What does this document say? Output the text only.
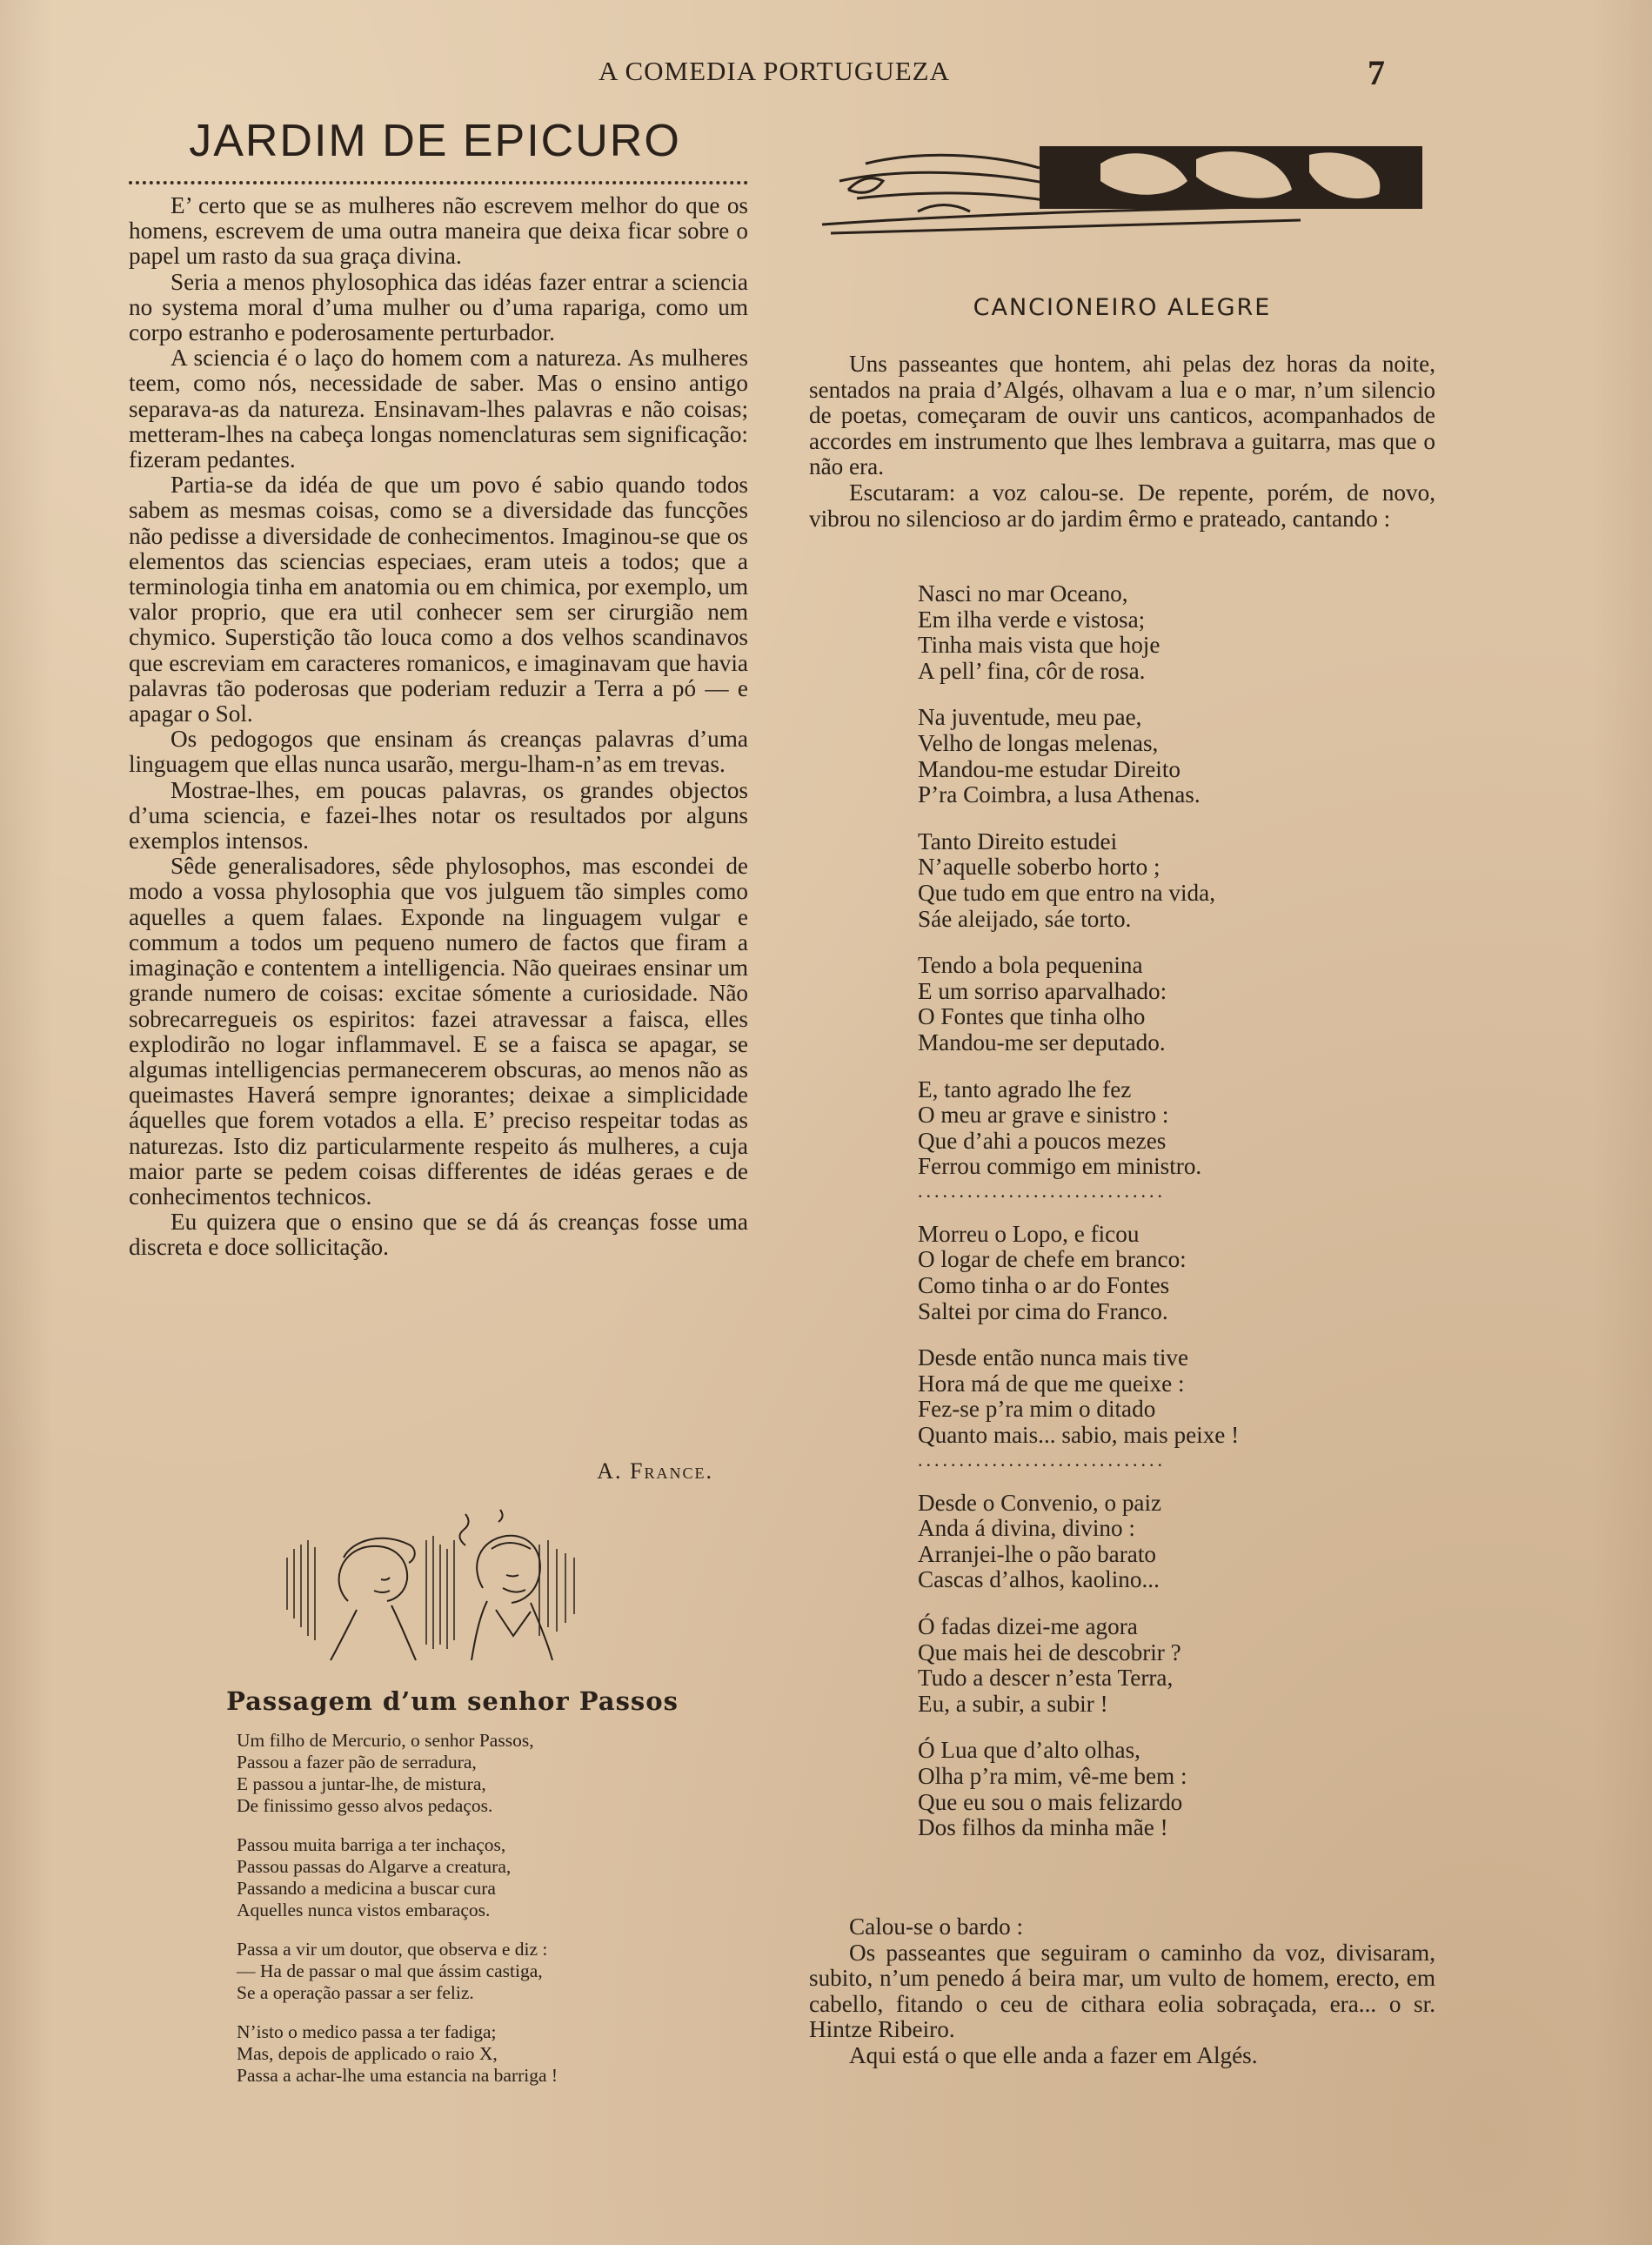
A COMEDIA PORTUGUEZA	7
JARDIM DE EPICURO

E’ certo que se as mulheres não escrevem melhor do que os homens, escrevem de uma outra maneira que deixa ficar sobre o papel um rasto da sua graça divina.

Seria a menos phylosophica das idéas fazer entrar a sciencia no systema moral d’uma mulher ou d’uma rapariga, como um corpo estranho e poderosamente perturbador.

A sciencia é o laço do homem com a natureza. As mulheres teem, como nós, necessidade de saber. Mas o ensino antigo separava-as da natureza. Ensinavam-lhes palavras e não coisas; metteram-lhes na cabeça longas nomenclaturas sem significação: fizeram pedantes.

Partia-se da idéa de que um povo é sabio quando todos sabem as mesmas coisas, como se a diversidade das funcções não pedisse a diversidade de conhecimentos. Imaginou-se que os elementos das sciencias especiaes, eram uteis a todos; que a terminologia tinha em anatomia ou em chimica, por exemplo, um valor proprio, que era util conhecer sem ser cirurgião nem chymico. Superstição tão louca como a dos velhos scandinavos que escreviam em caracteres romanicos, e imaginavam que havia palavras tão poderosas que poderiam reduzir a Terra a pó — e apagar o Sol.

Os pedogogos que ensinam ás creanças palavras d’uma linguagem que ellas nunca usarão, mergu-lham-n’as em trevas.

Mostrae-lhes, em poucas palavras, os grandes objectos d’uma sciencia, e fazei-lhes notar os resultados por alguns exemplos intensos.

Sêde generalisadores, sêde phylosophos, mas escondei de modo a vossa phylosophia que vos julguem tão simples como aquelles a quem falaes. Exponde na linguagem vulgar e commum a todos um pequeno numero de factos que firam a imaginação e contentem a intelligencia. Não queiraes ensinar um grande numero de coisas: excitae sómente a curiosidade. Não sobrecarregueis os espiritos: fazei atravessar a faisca, elles explodirão no logar inflammavel. E se a faisca se apagar, se algumas intelligencias permanecerem obscuras, ao menos não as queimastes Haverá sempre ignorantes; deixae a simplicidade áquelles que forem votados a ella. E’ preciso respeitar todas as naturezas. Isto diz particularmente respeito ás mulheres, a cuja maior parte se pedem coisas differentes de idéas geraes e de conhecimentos technicos.

Eu quizera que o ensino que se dá ás creanças fosse uma discreta e doce sollicitação.

A. France.
Passagem d’um senhor Passos
Um filho de Mercurio, o senhor Passos,
Passou a fazer pão de serradura,
E passou a juntar-lhe, de mistura,
De finissimo gesso alvos pedaços.
Passou muita barriga a ter inchaços,
Passou passas do Algarve a creatura,
Passando a medicina a buscar cura
Aquelles nunca vistos embaraços.
Passa a vir um doutor, que observa e diz :
— Ha de passar o mal que ássim castiga,
Se a operação passar a ser feliz.
N’isto o medico passa a ter fadiga;
Mas, depois de applicado o raio X,
Passa a achar-lhe uma estancia na barriga !
CANCIONEIRO ALEGRE

Uns passeantes que hontem, ahi pelas dez horas da noite, sentados na praia d’Algés, olhavam a lua e o mar, n’um silencio de poetas, começaram de ouvir uns canticos, acompanhados de accordes em instrumento que lhes lembrava a guitarra, mas que o não era.

Escutaram: a voz calou-se. De repente, porém, de novo, vibrou no silencioso ar do jardim êrmo e prateado, cantando :

Nasci no mar Oceano,
Em ilha verde e vistosa;
Tinha mais vista que hoje
A pell’ fina, côr de rosa.
Na juventude, meu pae,
Velho de longas melenas,
Mandou-me estudar Direito
P’ra Coimbra, a lusa Athenas.
Tanto Direito estudei
N’aquelle soberbo horto ;
Que tudo em que entro na vida,
Sáe aleijado, sáe torto.
Tendo a bola pequenina
E um sorriso aparvalhado:
O Fontes que tinha olho
Mandou-me ser deputado.
E, tanto agrado lhe fez
O meu ar grave e sinistro :
Que d’ahi a poucos mezes
Ferrou commigo em ministro.
..............................
Morreu o Lopo, e ficou
O logar de chefe em branco:
Como tinha o ar do Fontes
Saltei por cima do Franco.
Desde então nunca mais tive
Hora má de que me queixe :
Fez-se p’ra mim o ditado
Quanto mais... sabio, mais peixe !
..............................
Desde o Convenio, o paiz
Anda á divina, divino :
Arranjei-lhe o pão barato
Cascas d’alhos, kaolino...
Ó fadas dizei-me agora
Que mais hei de descobrir ?
Tudo a descer n’esta Terra,
Eu, a subir, a subir !
Ó Lua que d’alto olhas,
Olha p’ra mim, vê-me bem :
Que eu sou o mais felizardo
Dos filhos da minha mãe !

Calou-se o bardo :

Os passeantes que seguiram o caminho da voz, divisaram, subito, n’um penedo á beira mar, um vulto de homem, erecto, em cabello, fitando o ceu de cithara eolia sobraçada, era... o sr. Hintze Ribeiro.

Aqui está o que elle anda a fazer em Algés.
